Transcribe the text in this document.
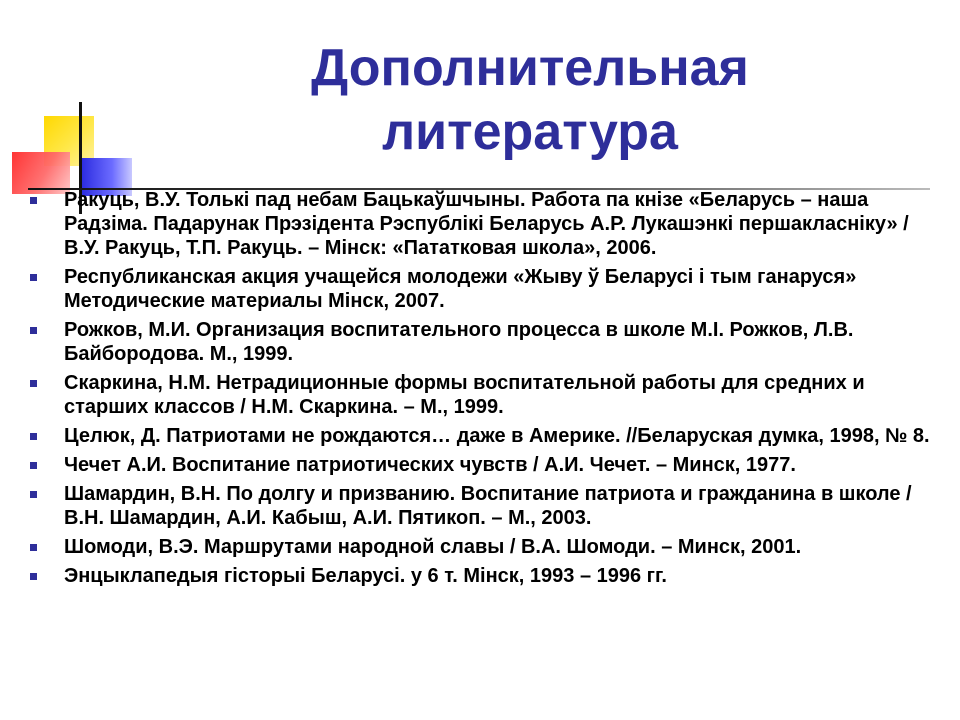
Дополнительная
литература
Ракуць, В.У. Толькі пад небам Бацькаўшчыны. Работа па кнізе «Беларусь – наша Радзіма. Падарунак Прэзідента Рэспублікі Беларусь А.Р. Лукашэнкі першакласніку» / В.У. Ракуць, Т.П. Ракуць. – Мінск: «Пататковая школа», 2006.
Республиканская акция учащейся молодежи «Жыву ў Беларусі і тым ганаруся» Методические материалы Мінск, 2007.
Рожков, М.И. Организация воспитательного процесса в школе М.І. Рожков, Л.В. Байбородова. М., 1999.
Скаркина, Н.М. Нетрадиционные формы воспитательной работы для средних и старших классов / Н.М. Скаркина. – М., 1999.
Целюк, Д. Патриотами не рождаются… даже в Америке. //Беларуская думка, 1998, № 8.
Чечет А.И. Воспитание патриотических чувств / А.И. Чечет. – Минск, 1977.
Шамардин, В.Н. По долгу и призванию. Воспитание патриота и гражданина в школе / В.Н. Шамардин, А.И. Кабыш, А.И. Пятикоп. – М., 2003.
Шомоди, В.Э. Маршрутами народной славы / В.А. Шомоди. – Минск, 2001.
Энцыклапедыя гісторыі Беларусі. у 6 т. Мінск, 1993 – 1996 гг.
